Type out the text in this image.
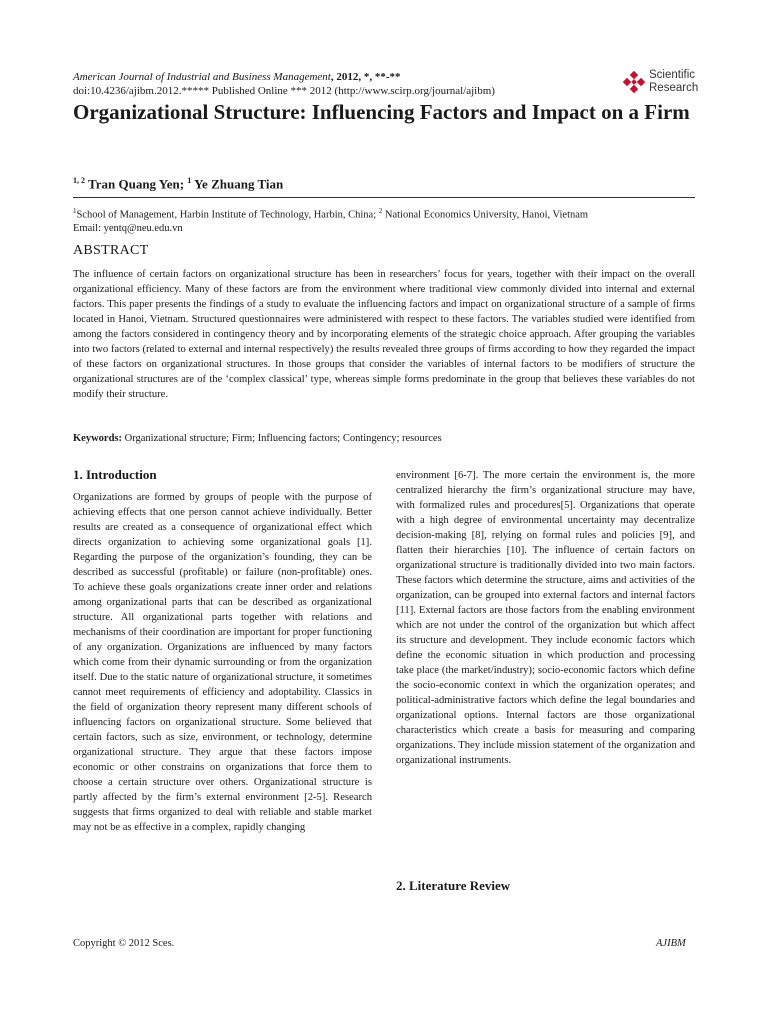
American Journal of Industrial and Business Management, 2012, *, **-**
doi:10.4236/ajibm.2012.***** Published Online *** 2012 (http://www.scirp.org/journal/ajibm)
Scientific
Research
Organizational Structure: Influencing Factors and Impact on a Firm
$^{1, 2}$ Tran Quang Yen; $^1$ Ye Zhuang Tian
$^1$School of Management, Harbin Institute of Technology, Harbin, China; $^2$ National Economics University, Hanoi, Vietnam
Email: yentq@neu.edu.vn
ABSTRACT

The influence of certain factors on organizational structure has been in researchers’ focus for years, together with their impact on the overall organizational efficiency. Many of these factors are from the environment where traditional view commonly divided into internal and external factors. This paper presents the findings of a study to evaluate the influencing factors and impact on organizational structure of a sample of firms located in Hanoi, Vietnam. Structured questionnaires were administered with respect to these factors. The variables studied were identified from among the factors considered in contingency theory and by incorporating elements of the strategic choice approach. After grouping the variables into two factors (related to external and internal respectively) the results revealed three groups of firms according to how they regarded the impact of these factors on organizational structures. In those groups that consider the variables of internal factors to be modifiers of structure the organizational structures are of the ‘complex classical’ type, whereas simple forms predominate in the group that believes these variables do not modify their structure.

Keywords: Organizational structure; Firm; Influencing factors; Contingency; resources
1. Introduction

Organizations are formed by groups of people with the purpose of achieving effects that one person cannot achieve individually. Better results are created as a consequence of organizational effect which directs organization to achieving some organizational goals [1]. Regarding the purpose of the organization’s founding, they can be described as successful (profitable) or failure (non-profitable) ones. To achieve these goals organizations create inner order and relations among organizational parts that can be described as organizational structure. All organizational parts together with relations and mechanisms of their coordination are important for proper functioning of any organization. Organizations are influenced by many factors which come from their dynamic surrounding or from the organization itself. Due to the static nature of organizational structure, it sometimes cannot meet requirements of efficiency and adoptability. Classics in the field of organization theory represent many different schools of influencing factors on organizational structure. Some believed that certain factors, such as size, environment, or technology, determine organizational structure. They argue that these factors impose economic or other constrains on organizations that force them to choose a certain structure over others. Organizational structure is partly affected by the firm’s external environment [2-5]. Research suggests that firms organized to deal with reliable and stable market may not be as effective in a complex, rapidly changing

environment [6-7]. The more certain the environment is, the more centralized hierarchy the firm’s organizational structure may have, with formalized rules and procedures[5]. Organizations that operate with a high degree of environmental uncertainty may decentralize decision-making [8], relying on formal rules and policies [9], and flatten their hierarchies [10]. The influence of certain factors on organizational structure is traditionally divided into two main factors. These factors which determine the structure, aims and activities of the organization, can be grouped into external factors and internal factors [11]. External factors are those factors from the enabling environment which are not under the control of the organization but which affect its structure and development. They include economic factors which define the economic situation in which production and processing take place (the market/industry); socio-economic factors which define the socio-economic context in which the organization operates; and political-administrative factors which define the legal boundaries and organizational options. Internal factors are those organizational characteristics which create a basis for measuring and comparing organizations. They include mission statement of the organization and organizational instruments.

2. Literature Review
Copyright © 2012 Sces.	AJIBM
